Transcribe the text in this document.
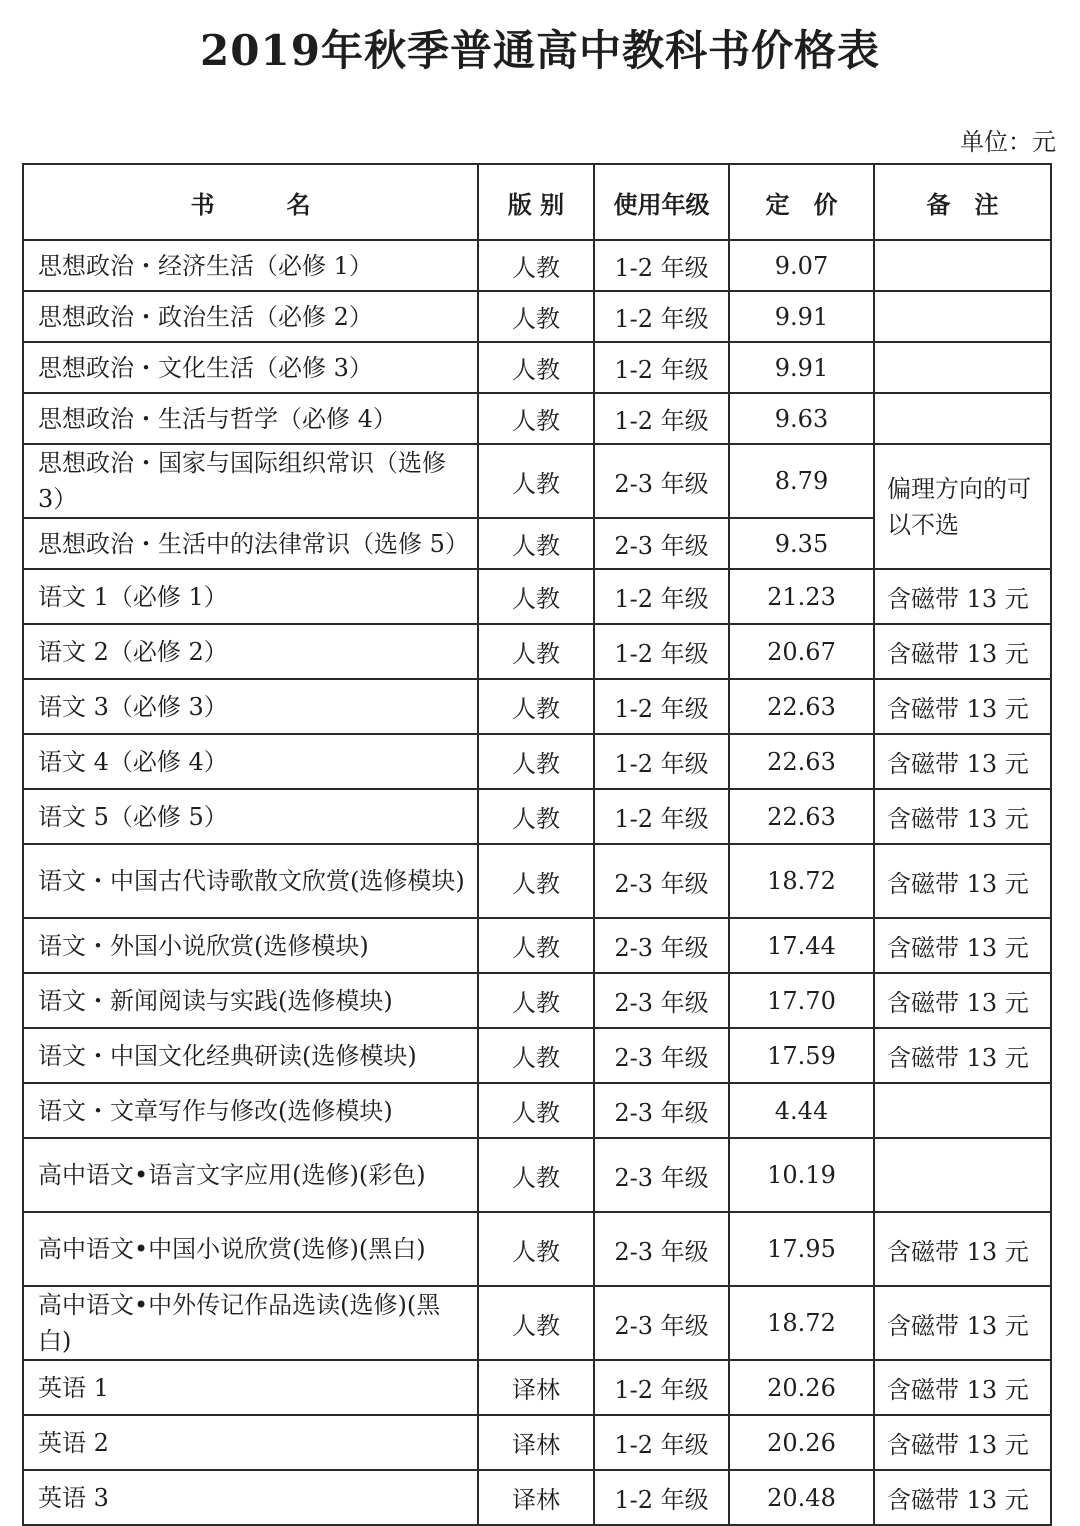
2019年秋季普通高中教科书价格表
单位：元
书　　　名	版 别	使用年级	定　价	备　注
思想政治・经济生活（必修 1）	人教	1-2 年级	9.07	
思想政治・政治生活（必修 2）	人教	1-2 年级	9.91	
思想政治・文化生活（必修 3）	人教	1-2 年级	9.91	
思想政治・生活与哲学（必修 4）	人教	1-2 年级	9.63	
思想政治・国家与国际组织常识（选修 3）	人教	2-3 年级	8.79	偏理方向的可以不选
思想政治・生活中的法律常识（选修 5）	人教	2-3 年级	9.35	
语文 1（必修 1）	人教	1-2 年级	21.23	含磁带 13 元
语文 2（必修 2）	人教	1-2 年级	20.67	含磁带 13 元
语文 3（必修 3）	人教	1-2 年级	22.63	含磁带 13 元
语文 4（必修 4）	人教	1-2 年级	22.63	含磁带 13 元
语文 5（必修 5）	人教	1-2 年级	22.63	含磁带 13 元
语文・中国古代诗歌散文欣赏(选修模块)	人教	2-3 年级	18.72	含磁带 13 元
语文・外国小说欣赏(选修模块)	人教	2-3 年级	17.44	含磁带 13 元
语文・新闻阅读与实践(选修模块)	人教	2-3 年级	17.70	含磁带 13 元
语文・中国文化经典研读(选修模块)	人教	2-3 年级	17.59	含磁带 13 元
语文・文章写作与修改(选修模块)	人教	2-3 年级	4.44	
高中语文•语言文字应用(选修)(彩色)	人教	2-3 年级	10.19	
高中语文•中国小说欣赏(选修)(黑白)	人教	2-3 年级	17.95	含磁带 13 元
高中语文•中外传记作品选读(选修)(黑白)	人教	2-3 年级	18.72	含磁带 13 元
英语 1	译林	1-2 年级	20.26	含磁带 13 元
英语 2	译林	1-2 年级	20.26	含磁带 13 元
英语 3	译林	1-2 年级	20.48	含磁带 13 元
